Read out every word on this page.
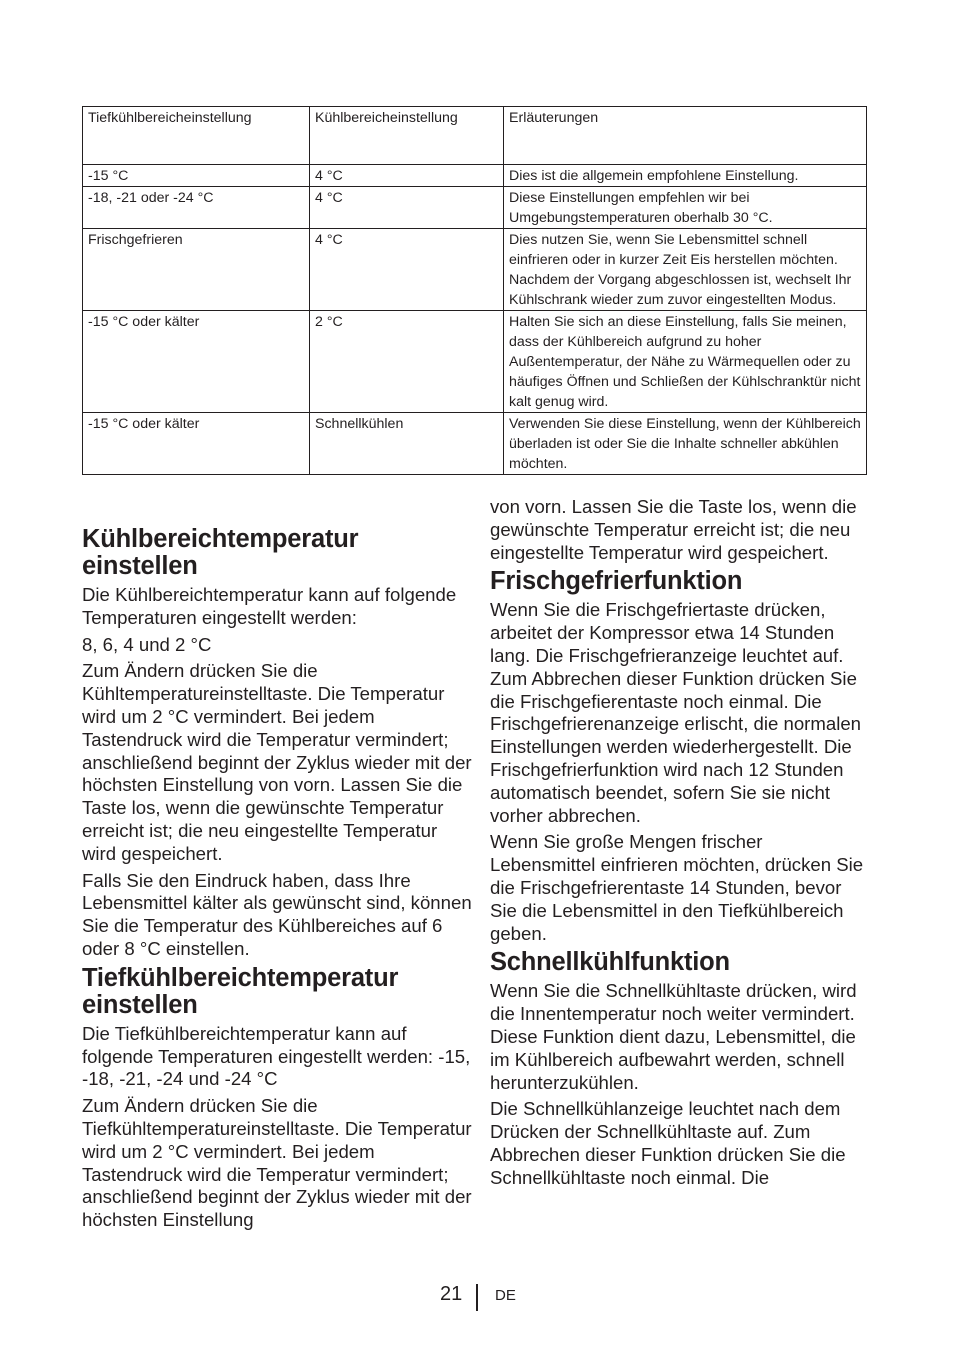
Tiefkühlbereicheinstellung	Kühlbereicheinstellung	Erläuterungen
-15 °C	4 °C	Dies ist die allgemein empfohlene Einstellung.
-18, -21 oder -24 °C	4 °C	Diese Einstellungen empfehlen wir bei Umgebungstemperaturen oberhalb 30 °C.
Frischgefrieren	4 °C	Dies nutzen Sie, wenn Sie Lebensmittel schnell einfrieren oder in kurzer Zeit Eis herstellen möchten. Nachdem der Vorgang abgeschlossen ist, wechselt Ihr Kühlschrank wieder zum zuvor eingestellten Modus.
-15 °C oder kälter	2 °C	Halten Sie sich an diese Einstellung, falls Sie meinen, dass der Kühlbereich aufgrund zu hoher Außentemperatur, der Nähe zu Wärmequellen oder zu häufiges Öffnen und Schließen der Kühlschranktür nicht kalt genug wird.
-15 °C oder kälter	Schnellkühlen	Verwenden Sie diese Einstellung, wenn der Kühlbereich überladen ist oder Sie die Inhalte schneller abkühlen möchten.
Kühlbereichtemperatur einstellen

Die Kühlbereichtemperatur kann auf folgende Temperaturen eingestellt werden:

8, 6, 4 und 2 °C

Zum Ändern drücken Sie die Kühltemperatureinstelltaste. Die Temperatur wird um 2 °C vermindert. Bei jedem Tastendruck wird die Temperatur vermindert; anschließend beginnt der Zyklus wieder mit der höchsten Einstellung von vorn. Lassen Sie die Taste los, wenn die gewünschte Temperatur erreicht ist; die neu eingestellte Temperatur wird gespeichert.

Falls Sie den Eindruck haben, dass Ihre Lebensmittel kälter als gewünscht sind, können Sie die Temperatur des Kühlbereiches auf 6 oder 8 °C einstellen.

Tiefkühlbereichtemperatur einstellen

Die Tiefkühlbereichtemperatur kann auf folgende Temperaturen eingestellt werden: -15, -18, -21, -24 und -24 °C

Zum Ändern drücken Sie die Tiefkühltemperatureinstelltaste. Die Temperatur wird um 2 °C vermindert. Bei jedem Tastendruck wird die Temperatur vermindert; anschließend beginnt der Zyklus wieder mit der höchsten Einstellung

von vorn. Lassen Sie die Taste los, wenn die gewünschte Temperatur erreicht ist; die neu eingestellte Temperatur wird gespeichert.

Frischgefrierfunktion

Wenn Sie die Frischgefriertaste drücken, arbeitet der Kompressor etwa 14 Stunden lang. Die Frischgefrieranzeige leuchtet auf. Zum Abbrechen dieser Funktion drücken Sie die Frischgefierentaste noch einmal. Die Frischgefrierenanzeige erlischt, die normalen Einstellungen werden wiederhergestellt. Die Frischgefrierfunktion wird nach 12 Stunden automatisch beendet, sofern Sie sie nicht vorher abbrechen.

Wenn Sie große Mengen frischer Lebensmittel einfrieren möchten, drücken Sie die Frischgefrierentaste 14 Stunden, bevor Sie die Lebensmittel in den Tiefkühlbereich geben.

Schnellkühlfunktion

Wenn Sie die Schnellkühltaste drücken, wird die Innentemperatur noch weiter vermindert. Diese Funktion dient dazu, Lebensmittel, die im Kühlbereich aufbewahrt werden, schnell herunterzukühlen.

Die Schnellkühlanzeige leuchtet nach dem Drücken der Schnellkühltaste auf. Zum Abbrechen dieser Funktion drücken Sie die Schnellkühltaste noch einmal. Die

21 DE
